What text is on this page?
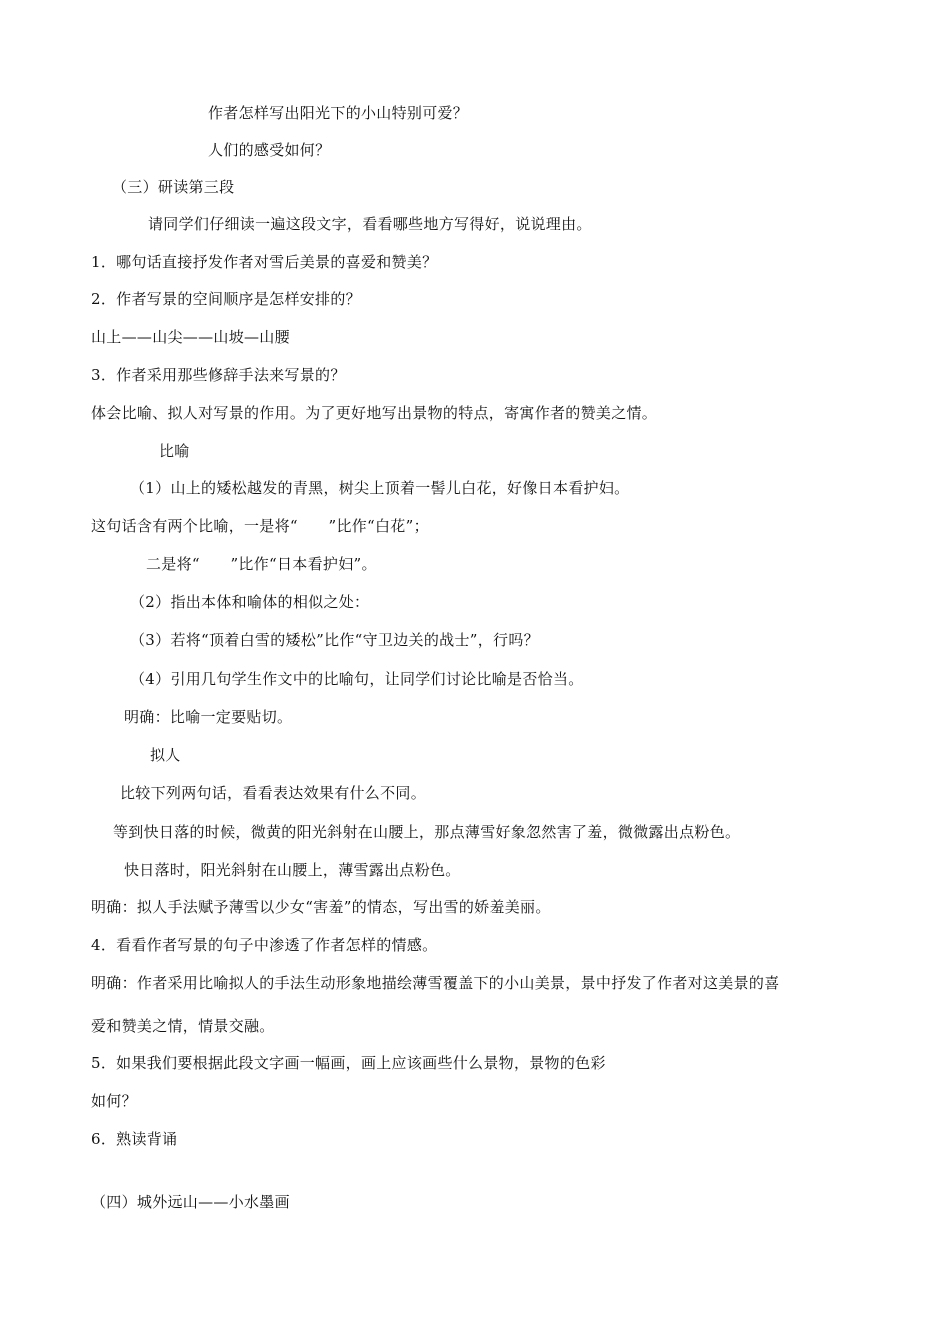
作者怎样写出阳光下的小山特别可爱？
人们的感受如何？
（三）研读第三段
请同学们仔细读一遍这段文字，看看哪些地方写得好，说说理由。
1．哪句话直接抒发作者对雪后美景的喜爱和赞美？
2．作者写景的空间顺序是怎样安排的？
山上——山尖——山坡—山腰
3．作者采用那些修辞手法来写景的？
体会比喻、拟人对写景的作用。为了更好地写出景物的特点，寄寓作者的赞美之情。
比喻
（1）山上的矮松越发的青黑，树尖上顶着一髻儿白花，好像日本看护妇。
这句话含有两个比喻，一是将“　　”比作“白花”；
二是将“　　”比作“日本看护妇”。
（2）指出本体和喻体的相似之处：
（3）若将“顶着白雪的矮松”比作“守卫边关的战士”，行吗？
（4）引用几句学生作文中的比喻句，让同学们讨论比喻是否恰当。
明确：比喻一定要贴切。
拟人
比较下列两句话，看看表达效果有什么不同。
等到快日落的时候，微黄的阳光斜射在山腰上，那点薄雪好象忽然害了羞，微微露出点粉色。
快日落时，阳光斜射在山腰上，薄雪露出点粉色。
明确：拟人手法赋予薄雪以少女“害羞”的情态，写出雪的娇羞美丽。
4．看看作者写景的句子中渗透了作者怎样的情感。
明确：作者采用比喻拟人的手法生动形象地描绘薄雪覆盖下的小山美景，景中抒发了作者对这美景的喜
爱和赞美之情，情景交融。
5．如果我们要根据此段文字画一幅画，画上应该画些什么景物，景物的色彩
如何？
6．熟读背诵
（四）城外远山——小水墨画
